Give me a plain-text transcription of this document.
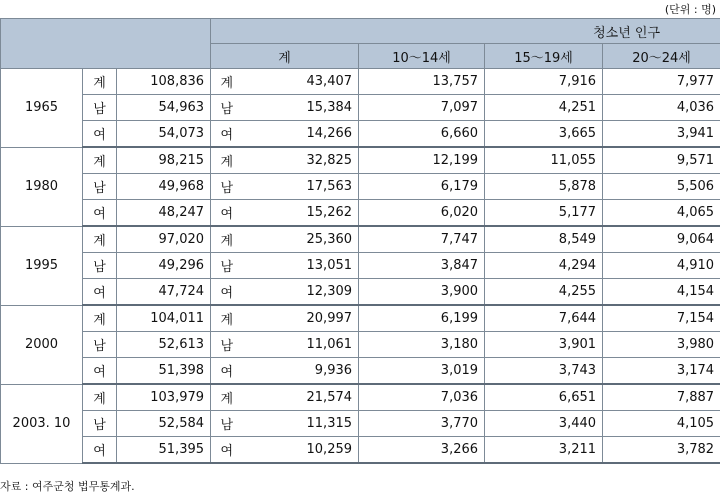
(단위 : 명)
			청소년 인구				
			계		10～14세	15～19세	20～24세
1965	계	108,836	계	43,407	13,757	7,916	7,977
	남	54,963	남	15,384	7,097	4,251	4,036
	여	54,073	여	14,266	6,660	3,665	3,941
1980	계	98,215	계	32,825	12,199	11,055	9,571
	남	49,968	남	17,563	6,179	5,878	5,506
	여	48,247	여	15,262	6,020	5,177	4,065
1995	계	97,020	계	25,360	7,747	8,549	9,064
	남	49,296	남	13,051	3,847	4,294	4,910
	여	47,724	여	12,309	3,900	4,255	4,154
2000	계	104,011	계	20,997	6,199	7,644	7,154
	남	52,613	남	11,061	3,180	3,901	3,980
	여	51,398	여	9,936	3,019	3,743	3,174
2003. 10	계	103,979	계	21,574	7,036	6,651	7,887
	남	52,584	남	11,315	3,770	3,440	4,105
	여	51,395	여	10,259	3,266	3,211	3,782
자료 : 여주군청 법무통계과.
